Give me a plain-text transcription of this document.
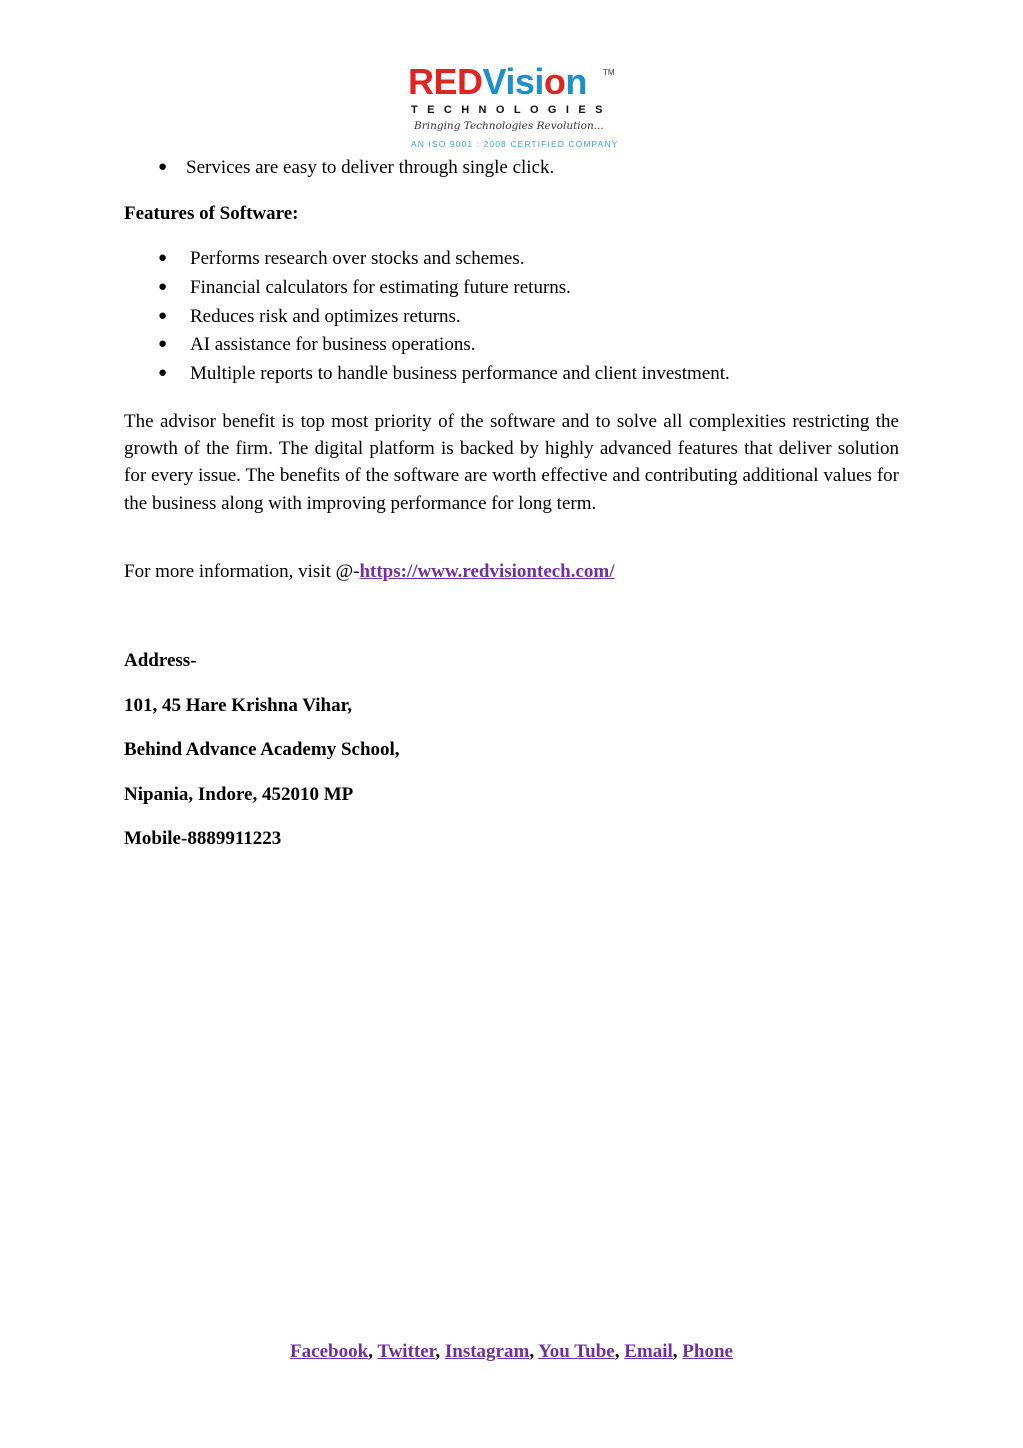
REDVision TM
TECHNOLOGIES
Bringing Technologies Revolution...
AN ISO 9001 : 2008 CERTIFIED COMPANY
● Services are easy to deliver through single click.
Features of Software:
● Performs research over stocks and schemes.
● Financial calculators for estimating future returns.
● Reduces risk and optimizes returns.
● AI assistance for business operations.
● Multiple reports to handle business performance and client investment.
The advisor benefit is top most priority of the software and to solve all complexities restricting the growth of the firm. The digital platform is backed by highly advanced features that deliver solution for every issue. The benefits of the software are worth effective and contributing additional values for the business along with improving performance for long term.
For more information, visit @-https://www.redvisiontech.com/
Address-
101, 45 Hare Krishna Vihar,
Behind Advance Academy School,
Nipania, Indore, 452010 MP
Mobile-8889911223
Facebook, Twitter, Instagram, You Tube, Email, Phone
